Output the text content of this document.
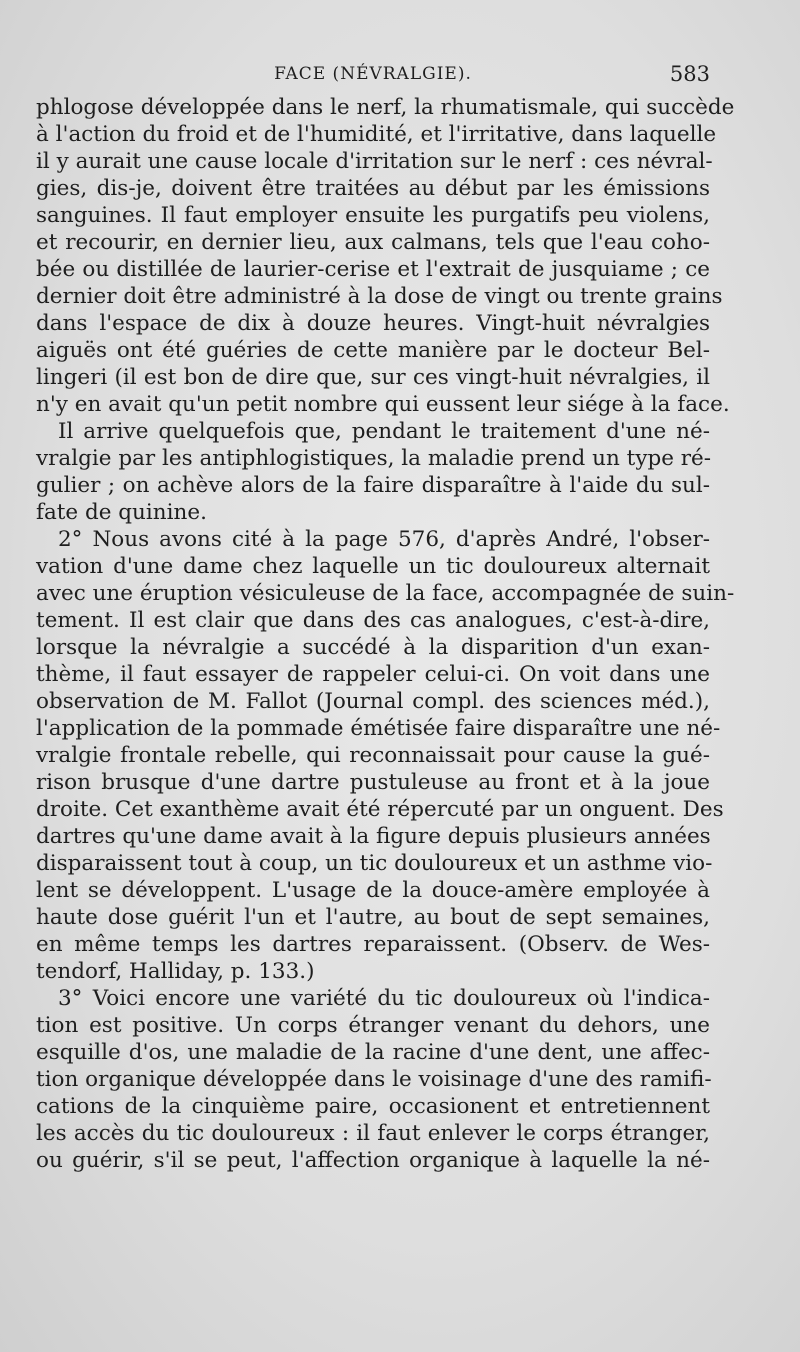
FACE (NÉVRALGIE).	583
phlogose développée dans le nerf, la rhumatismale, qui succède
à l'action du froid et de l'humidité, et l'irritative, dans laquelle
il y aurait une cause locale d'irritation sur le nerf : ces névral-
gies, dis-je, doivent être traitées au début par les émissions
sanguines. Il faut employer ensuite les purgatifs peu violens,
et recourir, en dernier lieu, aux calmans, tels que l'eau coho-
bée ou distillée de laurier-cerise et l'extrait de jusquiame ; ce
dernier doit être administré à la dose de vingt ou trente grains
dans l'espace de dix à douze heures. Vingt-huit névralgies
aiguës ont été guéries de cette manière par le docteur Bel-
lingeri (il est bon de dire que, sur ces vingt-huit névralgies, il
n'y en avait qu'un petit nombre qui eussent leur siége à la face.
Il arrive quelquefois que, pendant le traitement d'une né-
vralgie par les antiphlogistiques, la maladie prend un type ré-
gulier ; on achève alors de la faire disparaître à l'aide du sul-
fate de quinine.
2° Nous avons cité à la page 576, d'après André, l'obser-
vation d'une dame chez laquelle un tic douloureux alternait
avec une éruption vésiculeuse de la face, accompagnée de suin-
tement. Il est clair que dans des cas analogues, c'est-à-dire,
lorsque la névralgie a succédé à la disparition d'un exan-
thème, il faut essayer de rappeler celui-ci. On voit dans une
observation de M. Fallot (Journal compl. des sciences méd.),
l'application de la pommade émétisée faire disparaître une né-
vralgie frontale rebelle, qui reconnaissait pour cause la gué-
rison brusque d'une dartre pustuleuse au front et à la joue
droite. Cet exanthème avait été répercuté par un onguent. Des
dartres qu'une dame avait à la figure depuis plusieurs années
disparaissent tout à coup, un tic douloureux et un asthme vio-
lent se développent. L'usage de la douce-amère employée à
haute dose guérit l'un et l'autre, au bout de sept semaines,
en même temps les dartres reparaissent. (Observ. de Wes-
tendorf, Halliday, p. 133.)
3° Voici encore une variété du tic douloureux où l'indica-
tion est positive. Un corps étranger venant du dehors, une
esquille d'os, une maladie de la racine d'une dent, une affec-
tion organique développée dans le voisinage d'une des ramifi-
cations de la cinquième paire, occasionent et entretiennent
les accès du tic douloureux : il faut enlever le corps étranger,
ou guérir, s'il se peut, l'affection organique à laquelle la né-
